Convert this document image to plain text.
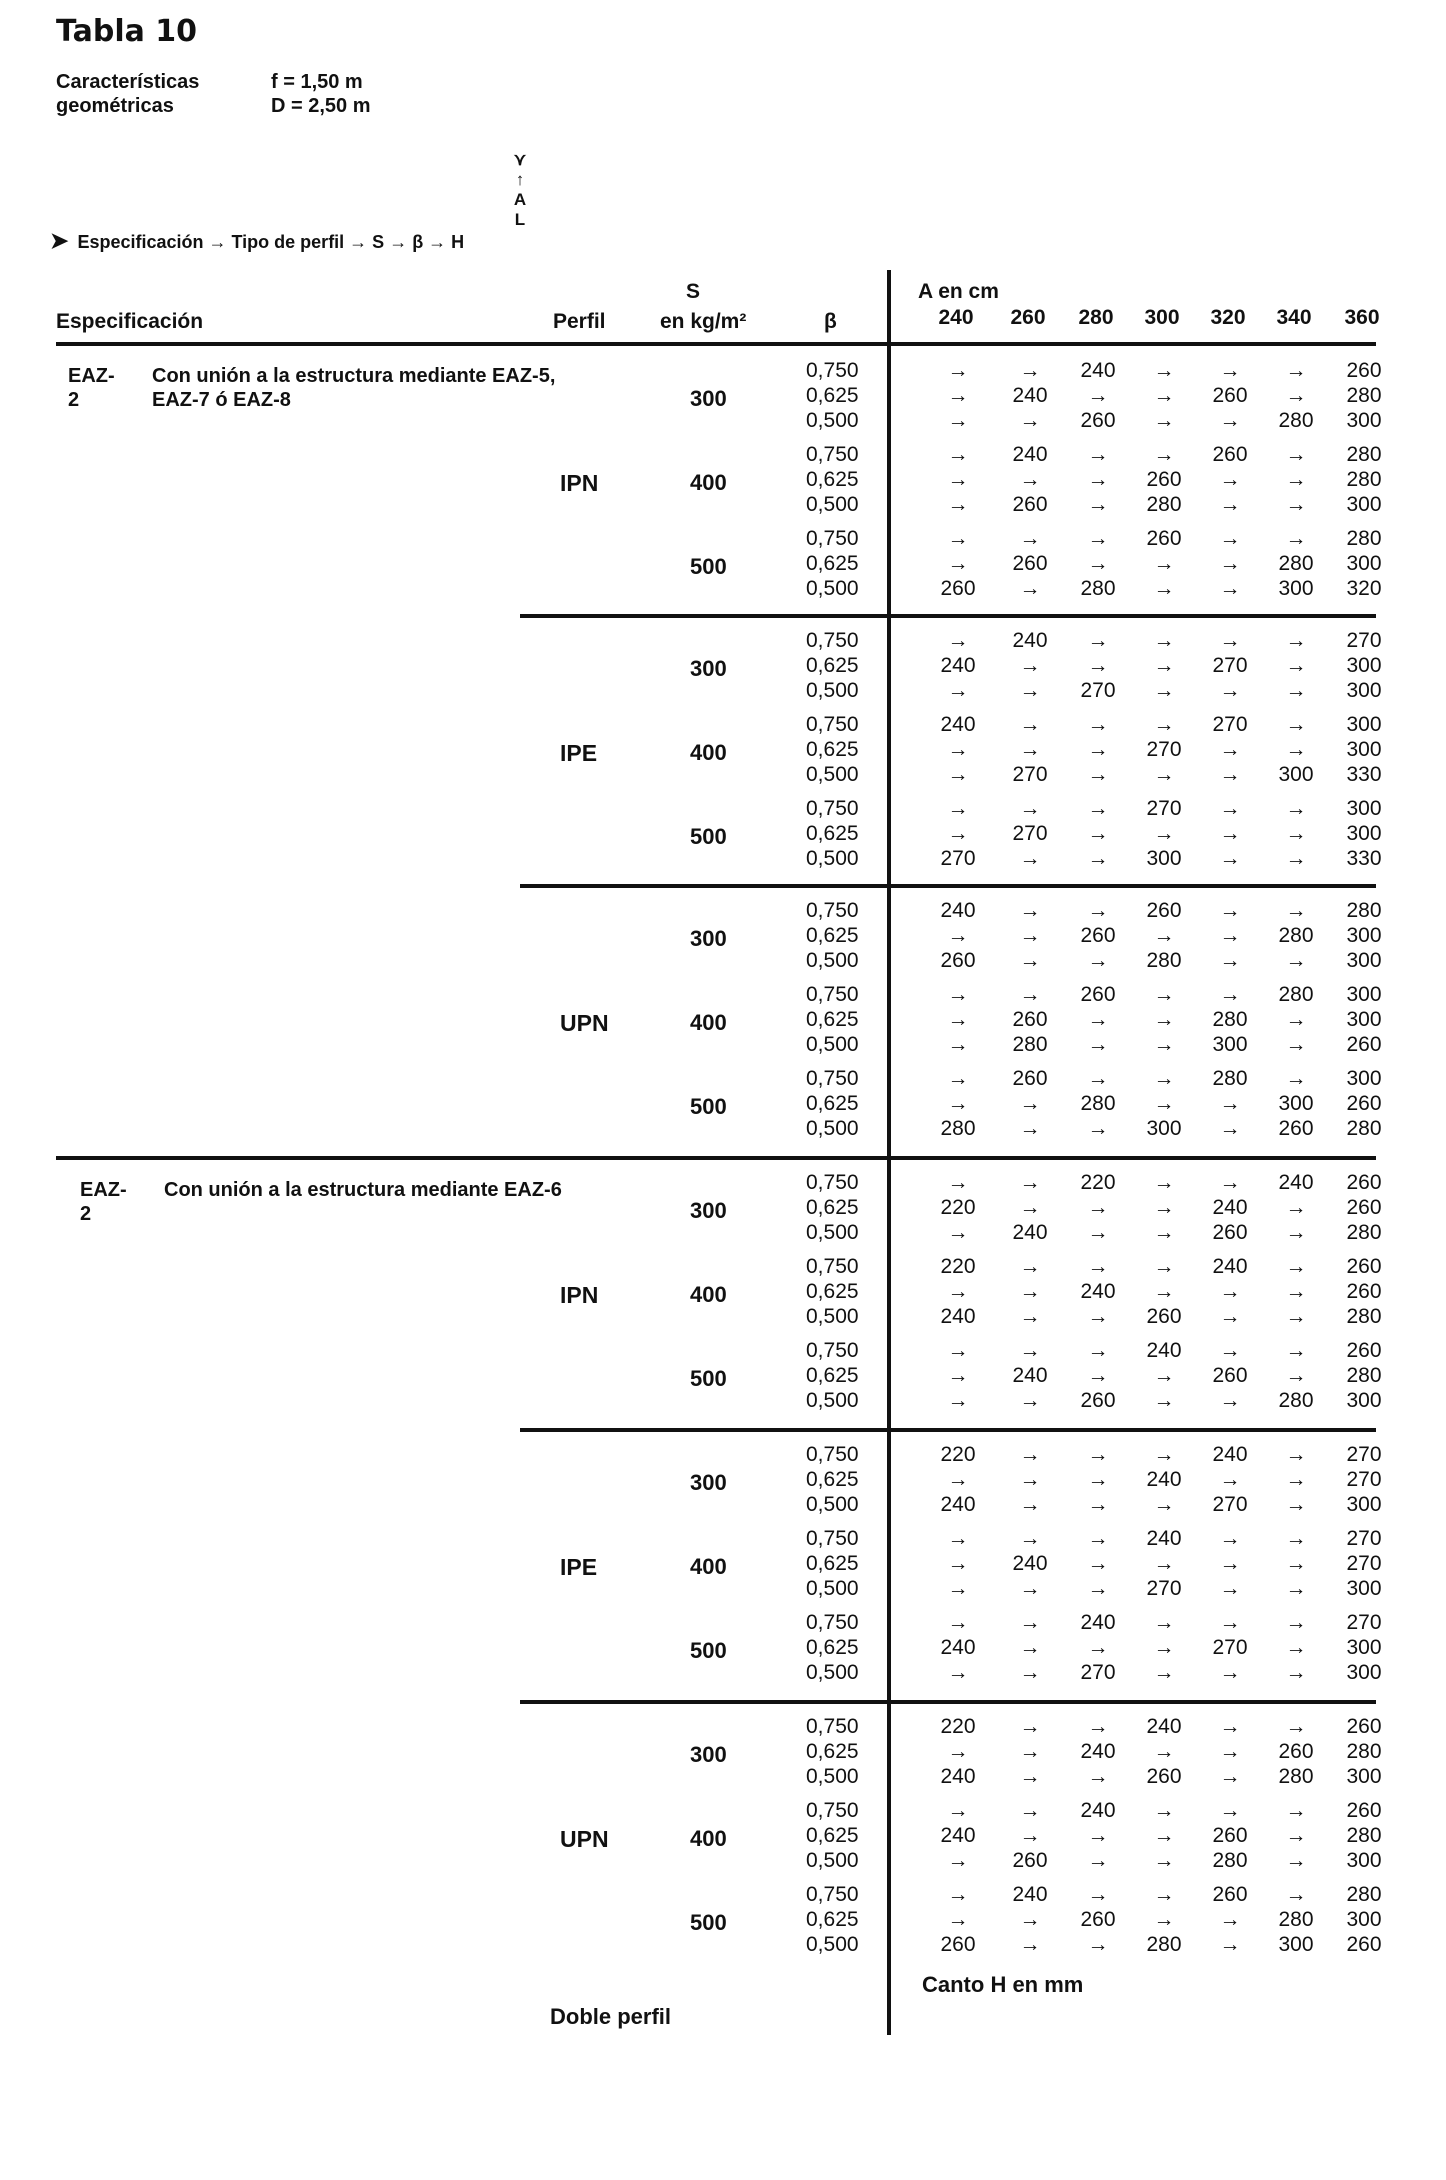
Tabla 10
Características	f = 1,50 m
geométricas	D = 2,50 m
⋎
↑
A
L
➤ Especificación → Tipo de perfil → S → β → H
Especificación	Perfil
S
en kg/m²	β
A en cm
240	260	280	300	320	340	360
EAZ-2
Con unión a la estructura mediante EAZ-5, EAZ-7 ó EAZ-8
EAZ-2
Con unión a la estructura mediante EAZ-6
IPN
300
0,750	→	→	240	→	→	→	260
0,625	→	240	→	→	260	→	280
0,500	→	→	260	→	→	280	300
400
0,750	→	240	→	→	260	→	280
0,625	→	→	→	260	→	→	280
0,500	→	260	→	280	→	→	300
500
0,750	→	→	→	260	→	→	280
0,625	→	260	→	→	→	280	300
0,500	260	→	280	→	→	300	320
IPE
300
0,750	→	240	→	→	→	→	270
0,625	240	→	→	→	270	→	300
0,500	→	→	270	→	→	→	300
400
0,750	240	→	→	→	270	→	300
0,625	→	→	→	270	→	→	300
0,500	→	270	→	→	→	300	330
500
0,750	→	→	→	270	→	→	300
0,625	→	270	→	→	→	→	300
0,500	270	→	→	300	→	→	330
UPN
300
0,750	240	→	→	260	→	→	280
0,625	→	→	260	→	→	280	300
0,500	260	→	→	280	→	→	300
400
0,750	→	→	260	→	→	280	300
0,625	→	260	→	→	280	→	300
0,500	→	280	→	→	300	→	260
500
0,750	→	260	→	→	280	→	300
0,625	→	→	280	→	→	300	260
0,500	280	→	→	300	→	260	280
IPN
300
0,750	→	→	220	→	→	240	260
0,625	220	→	→	→	240	→	260
0,500	→	240	→	→	260	→	280
400
0,750	220	→	→	→	240	→	260
0,625	→	→	240	→	→	→	260
0,500	240	→	→	260	→	→	280
500
0,750	→	→	→	240	→	→	260
0,625	→	240	→	→	260	→	280
0,500	→	→	260	→	→	280	300
IPE
300
0,750	220	→	→	→	240	→	270
0,625	→	→	→	240	→	→	270
0,500	240	→	→	→	270	→	300
400
0,750	→	→	→	240	→	→	270
0,625	→	240	→	→	→	→	270
0,500	→	→	→	270	→	→	300
500
0,750	→	→	240	→	→	→	270
0,625	240	→	→	→	270	→	300
0,500	→	→	270	→	→	→	300
UPN
300
0,750	220	→	→	240	→	→	260
0,625	→	→	240	→	→	260	280
0,500	240	→	→	260	→	280	300
400
0,750	→	→	240	→	→	→	260
0,625	240	→	→	→	260	→	280
0,500	→	260	→	→	280	→	300
500
0,750	→	240	→	→	260	→	280
0,625	→	→	260	→	→	280	300
0,500	260	→	→	280	→	300	260
Canto H en mm
Doble perfil
